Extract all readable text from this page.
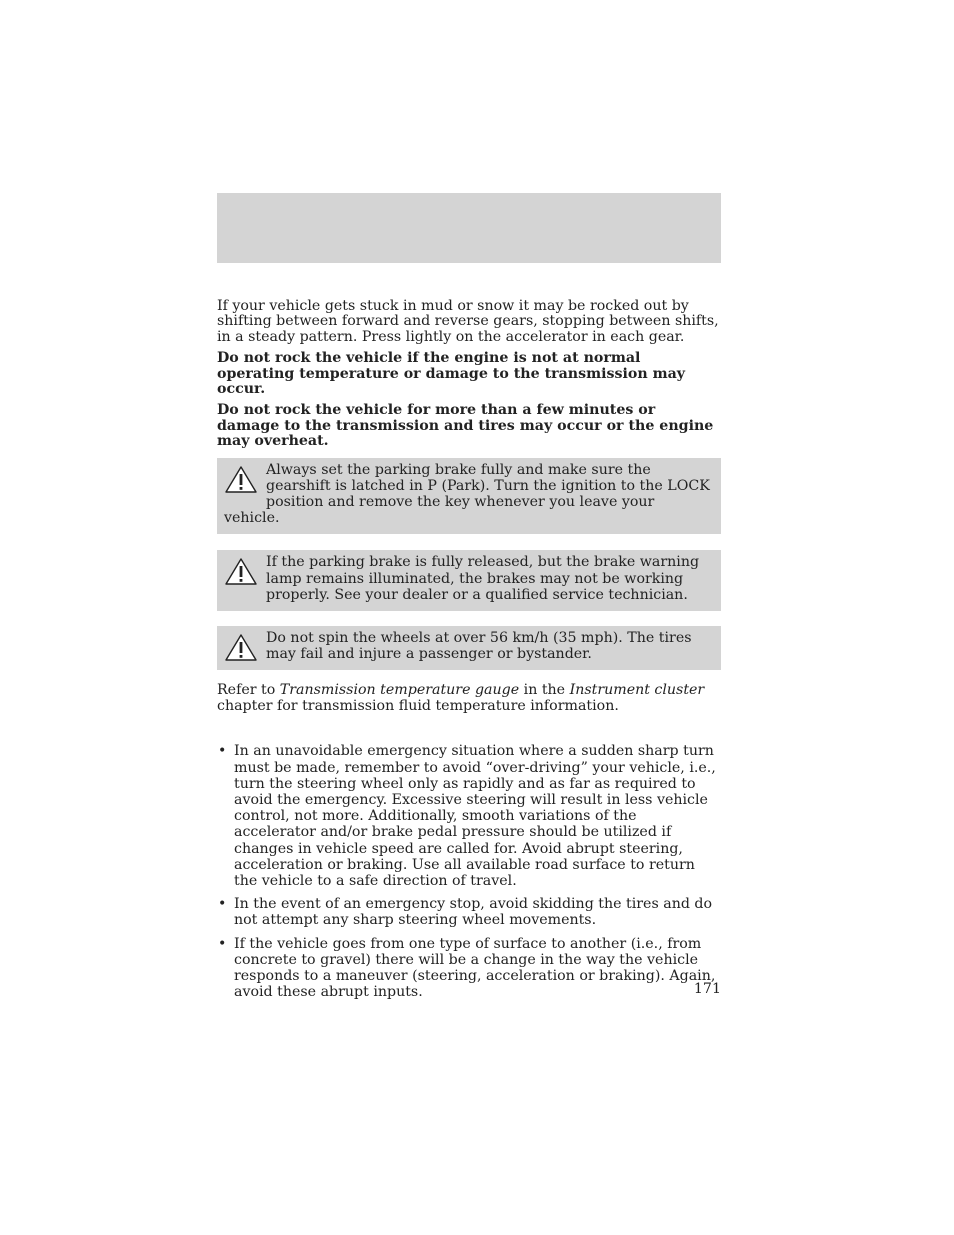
If your vehicle gets stuck in mud or snow it may be rocked out by shifting between forward and reverse gears, stopping between shifts, in a steady pattern. Press lightly on the accelerator in each gear.

Do not rock the vehicle if the engine is not at normal operating temperature or damage to the transmission may occur.

Do not rock the vehicle for more than a few minutes or damage to the transmission and tires may occur or the engine may overheat.

Always set the parking brake fully and make sure the gearshift is latched in P (Park). Turn the ignition to the LOCK position and remove the key whenever you leave your vehicle.
If the parking brake is fully released, but the brake warning lamp remains illuminated, the brakes may not be working properly. See your dealer or a qualified service technician.
Do not spin the wheels at over 56 km/h (35 mph). The tires may fail and injure a passenger or bystander.

Refer to Transmission temperature gauge in the Instrument cluster chapter for transmission fluid temperature information.

• In an unavoidable emergency situation where a sudden sharp turn must be made, remember to avoid “over-driving” your vehicle, i.e., turn the steering wheel only as rapidly and as far as required to avoid the emergency. Excessive steering will result in less vehicle control, not more. Additionally, smooth variations of the accelerator and/or brake pedal pressure should be utilized if changes in vehicle speed are called for. Avoid abrupt steering, acceleration or braking. Use all available road surface to return the vehicle to a safe direction of travel.
• In the event of an emergency stop, avoid skidding the tires and do not attempt any sharp steering wheel movements.
• If the vehicle goes from one type of surface to another (i.e., from concrete to gravel) there will be a change in the way the vehicle responds to a maneuver (steering, acceleration or braking). Again, avoid these abrupt inputs.	171
